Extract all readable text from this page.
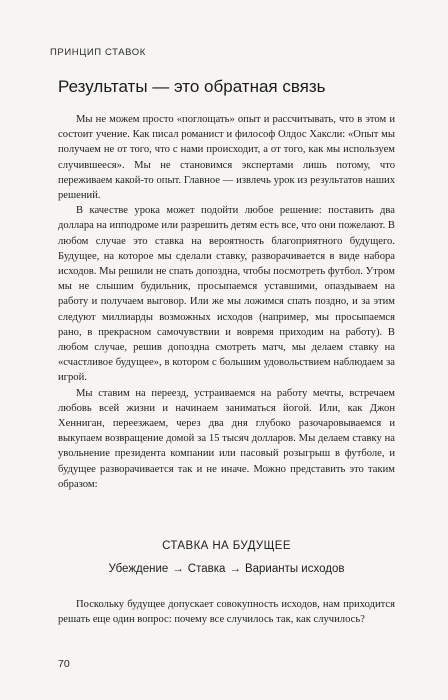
ПРИНЦИП СТАВОК
Результаты — это обратная связь

Мы не можем просто «поглощать» опыт и рассчитывать, что в этом и состоит учение. Как писал романист и философ Олдос Хаксли: «Опыт мы получаем не от того, что с нами происходит, а от того, как мы используем случившееся». Мы не становимся экспертами лишь потому, что переживаем какой-то опыт. Главное — извлечь урок из результатов наших решений.

В качестве урока может подойти любое решение: поставить два доллара на ипподроме или разрешить детям есть все, что они пожелают. В любом случае это ставка на вероятность благоприятного будущего. Будущее, на которое мы сделали ставку, разворачивается в виде набора исходов. Мы решили не спать допоздна, чтобы посмотреть футбол. Утром мы не слышим будильник, просыпаемся уставшими, опаздываем на работу и получаем выговор. Или же мы ложимся спать поздно, и за этим следуют миллиарды возможных исходов (например, мы просыпаемся рано, в прекрасном самочувствии и вовремя приходим на работу). В любом случае, решив допоздна смотреть матч, мы делаем ставку на «счастливое будущее», в котором с большим удовольствием наблюдаем за игрой.

Мы ставим на переезд, устраиваемся на работу мечты, встречаем любовь всей жизни и начинаем заниматься йогой. Или, как Джон Хенниган, переезжаем, через два дня глубоко разочаровываемся и выкупаем возвращение домой за 15 тысяч долларов. Мы делаем ставку на увольнение президента компании или пасовый розыгрыш в футболе, и будущее разворачивается так и не иначе. Можно представить это таким образом:

СТАВКА НА БУДУЩЕЕ
Убеждение → Ставка → Варианты исходов

Поскольку будущее допускает совокупность исходов, нам приходится решать еще один вопрос: почему все случилось так, как случилось?

70
